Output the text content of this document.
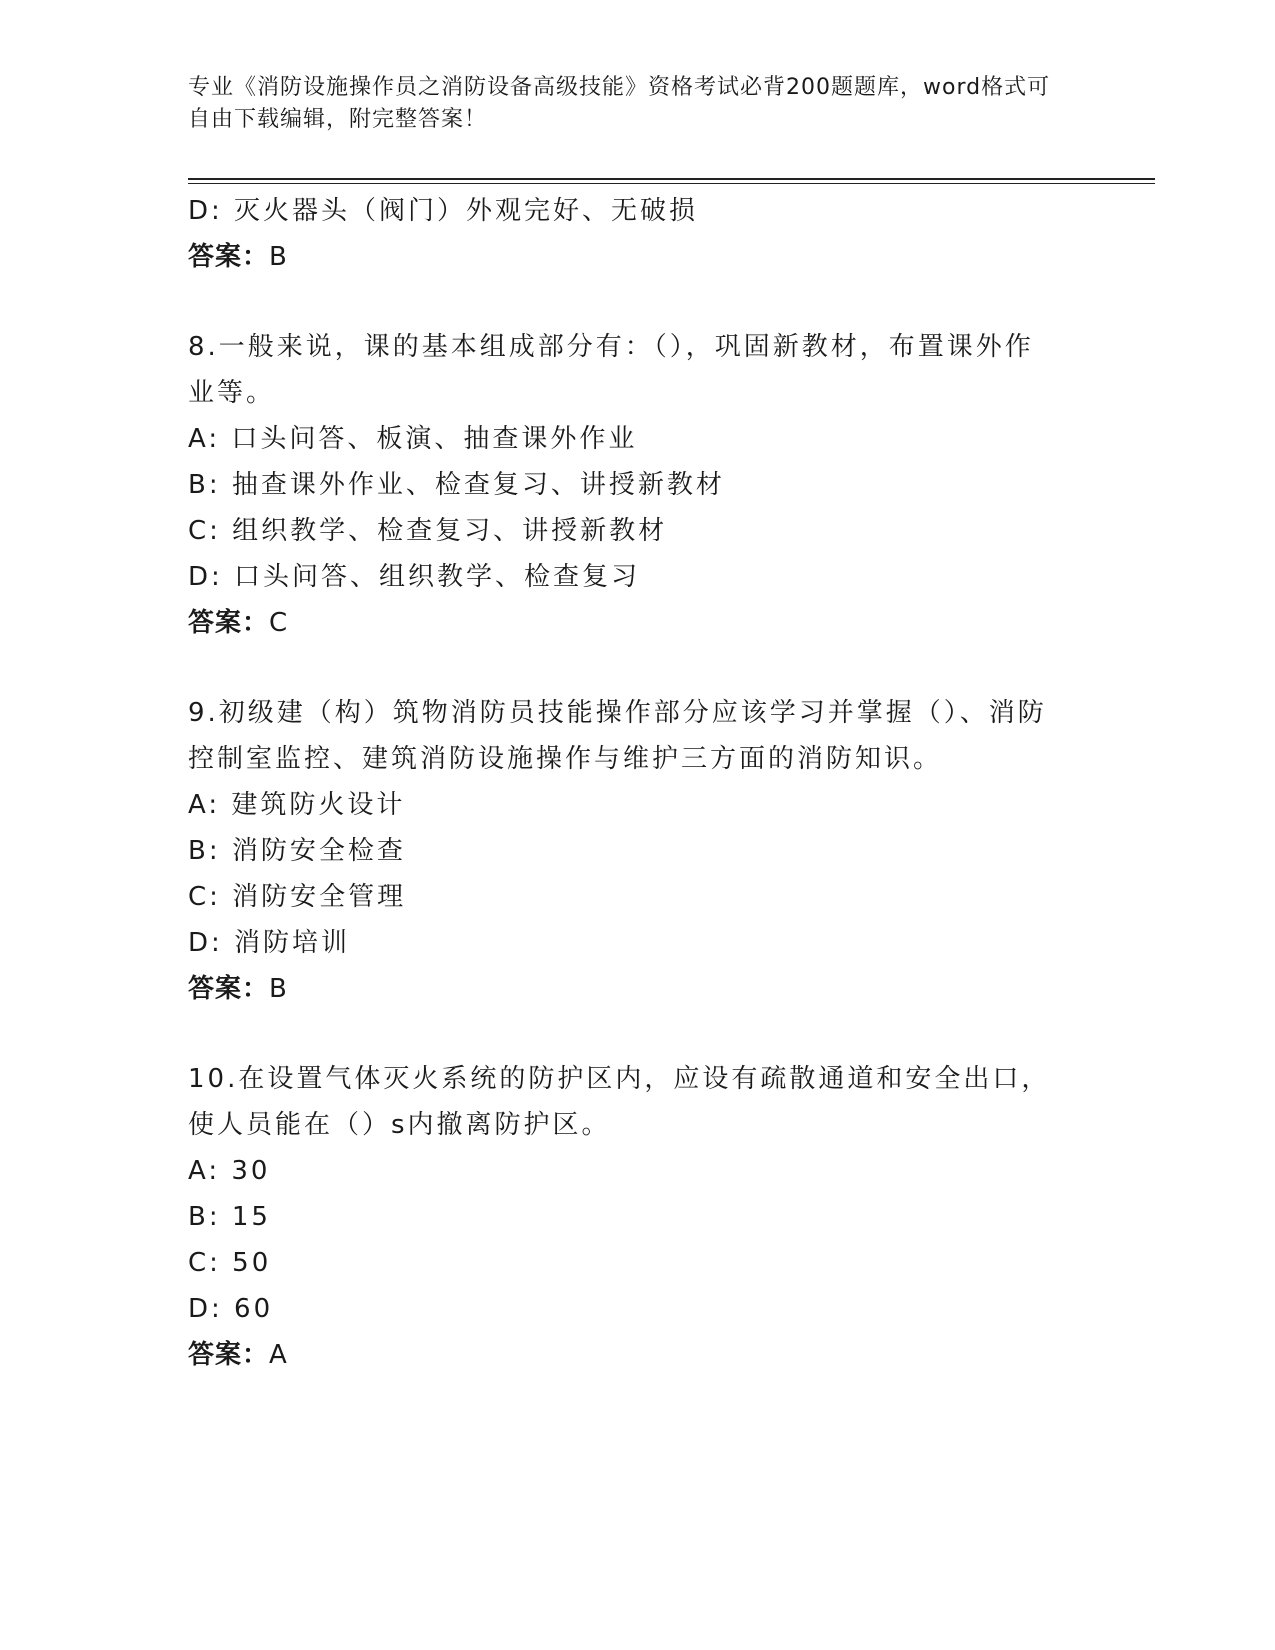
专业《消防设施操作员之消防设备高级技能》资格考试必背200题题库，word格式可自由下载编辑，附完整答案！
D: 灭火器头（阀门）外观完好、无破损
答案：B
8.一般来说，课的基本组成部分有：（），巩固新教材，布置课外作业等。
A: 口头问答、板演、抽查课外作业
B: 抽查课外作业、检查复习、讲授新教材
C: 组织教学、检查复习、讲授新教材
D: 口头问答、组织教学、检查复习
答案：C
9.初级建（构）筑物消防员技能操作部分应该学习并掌握（）、消防控制室监控、建筑消防设施操作与维护三方面的消防知识。
A: 建筑防火设计
B: 消防安全检查
C: 消防安全管理
D: 消防培训
答案：B
10.在设置气体灭火系统的防护区内，应设有疏散通道和安全出口，使人员能在（）s内撤离防护区。
A: 30
B: 15
C: 50
D: 60
答案：A
